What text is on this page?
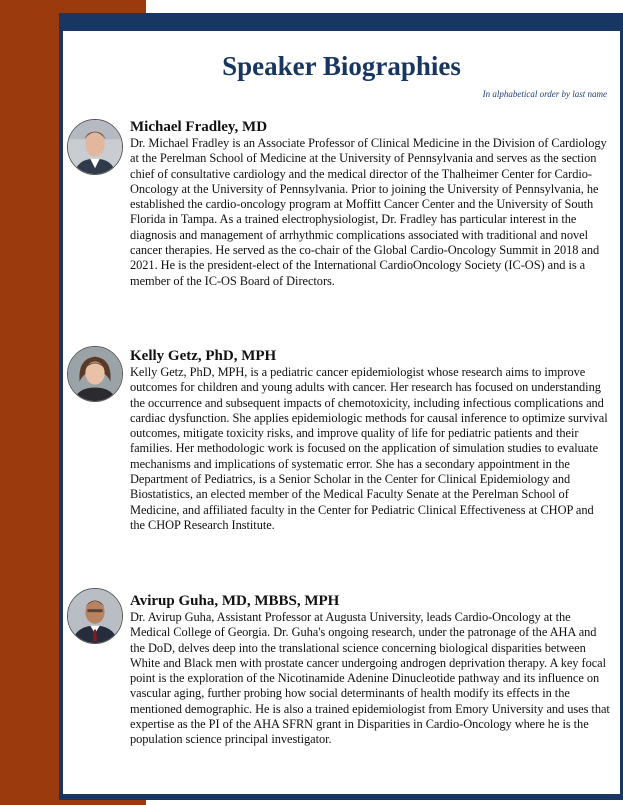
Speaker Biographies
In alphabetical order by last name
Michael Fradley, MD

Dr. Michael Fradley is an Associate Professor of Clinical Medicine in the Division of Cardiology at the Perelman School of Medicine at the University of Pennsylvania and serves as the section chief of consultative cardiology and the medical director of the Thalheimer Center for Cardio-Oncology at the University of Pennsylvania. Prior to joining the University of Pennsylvania, he established the cardio-oncology program at Moffitt Cancer Center and the University of South Florida in Tampa. As a trained electrophysiologist, Dr. Fradley has particular interest in the diagnosis and management of arrhythmic complications associated with traditional and novel cancer therapies. He served as the co-chair of the Global Cardio-Oncology Summit in 2018 and 2021. He is the president-elect of the International CardioOncology Society (IC-OS) and is a member of the IC-OS Board of Directors.

Kelly Getz, PhD, MPH

Kelly Getz, PhD, MPH, is a pediatric cancer epidemiologist whose research aims to improve outcomes for children and young adults with cancer. Her research has focused on understanding the occurrence and subsequent impacts of chemotoxicity, including infectious complications and cardiac dysfunction. She applies epidemiologic methods for causal inference to optimize survival outcomes, mitigate toxicity risks, and improve quality of life for pediatric patients and their families. Her methodologic work is focused on the application of simulation studies to evaluate mechanisms and implications of systematic error. She has a secondary appointment in the Department of Pediatrics, is a Senior Scholar in the Center for Clinical Epidemiology and Biostatistics, an elected member of the Medical Faculty Senate at the Perelman School of Medicine, and affiliated faculty in the Center for Pediatric Clinical Effectiveness at CHOP and the CHOP Research Institute.

Avirup Guha, MD, MBBS, MPH

Dr. Avirup Guha, Assistant Professor at Augusta University, leads Cardio-Oncology at the Medical College of Georgia. Dr. Guha's ongoing research, under the patronage of the AHA and the DoD, delves deep into the translational science concerning biological disparities between White and Black men with prostate cancer undergoing androgen deprivation therapy. A key focal point is the exploration of the Nicotinamide Adenine Dinucleotide pathway and its influence on vascular aging, further probing how social determinants of health modify its effects in the mentioned demographic. He is also a trained epidemiologist from Emory University and uses that expertise as the PI of the AHA SFRN grant in Disparities in Cardio-Oncology where he is the population science principal investigator.
